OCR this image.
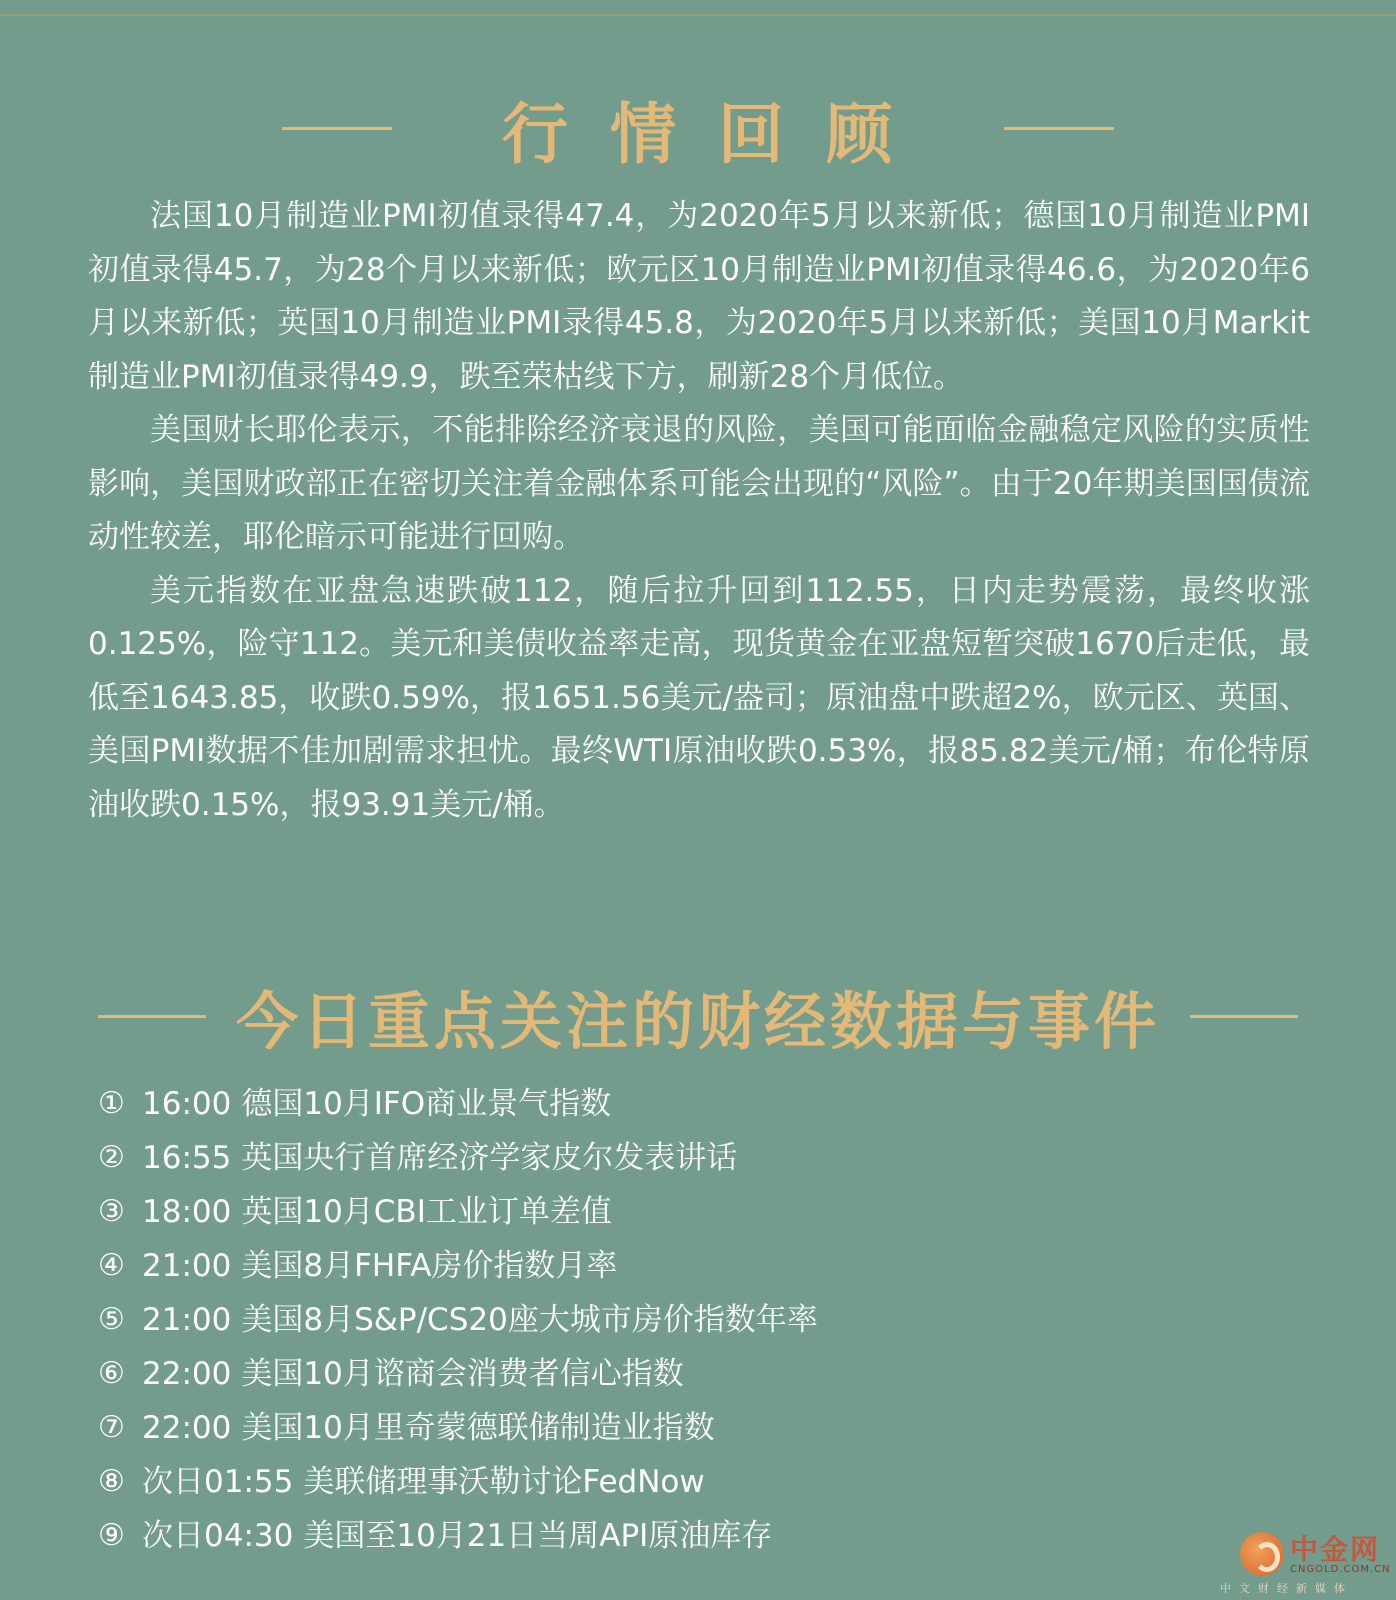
行情回顾

法国10月制造业PMI初值录得47.4，为2020年5月以来新低；德国10月制造业PMI初值录得45.7，为28个月以来新低；欧元区10月制造业PMI初值录得46.6，为2020年6月以来新低；英国10月制造业PMI录得45.8，为2020年5月以来新低；美国10月Markit制造业PMI初值录得49.9，跌至荣枯线下方，刷新28个月低位。

美国财长耶伦表示，不能排除经济衰退的风险，美国可能面临金融稳定风险的实质性影响，美国财政部正在密切关注着金融体系可能会出现的“风险”。由于20年期美国国债流动性较差，耶伦暗示可能进行回购。

美元指数在亚盘急速跌破112，随后拉升回到112.55，日内走势震荡，最终收涨0.125%，险守112。美元和美债收益率走高，现货黄金在亚盘短暂突破1670后走低，最低至1643.85，收跌0.59%，报1651.56美元/盎司；原油盘中跌超2%，欧元区、英国、美国PMI数据不佳加剧需求担忧。最终WTI原油收跌0.53%，报85.82美元/桶；布伦特原油收跌0.15%，报93.91美元/桶。

今日重点关注的财经数据与事件
① 16:00 德国10月IFO商业景气指数
② 16:55 英国央行首席经济学家皮尔发表讲话
③ 18:00 英国10月CBI工业订单差值
④ 21:00 美国8月FHFA房价指数月率
⑤ 21:00 美国8月S&P/CS20座大城市房价指数年率
⑥ 22:00 美国10月谘商会消费者信心指数
⑦ 22:00 美国10月里奇蒙德联储制造业指数
⑧ 次日01:55 美联储理事沃勒讨论FedNow
⑨ 次日04:30 美国至10月21日当周API原油库存	中金网
CNGOLD.COM.CN
中文财经新媒体
